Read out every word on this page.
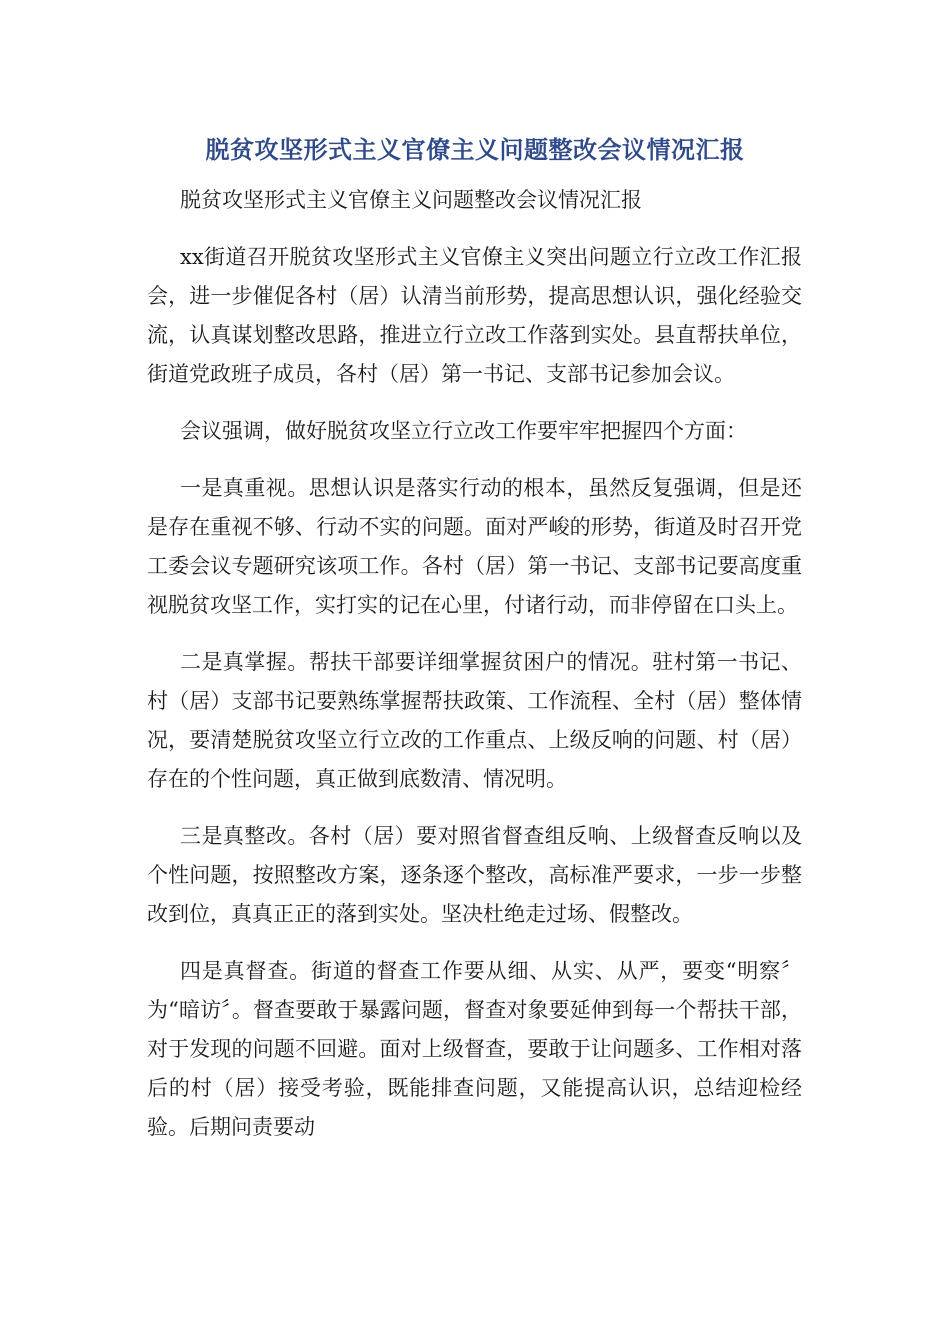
脱贫攻坚形式主义官僚主义问题整改会议情况汇报

脱贫攻坚形式主义官僚主义问题整改会议情况汇报

xx街道召开脱贫攻坚形式主义官僚主义突出问题立行立改工作汇报会，进一步催促各村（居）认清当前形势，提高思想认识，强化经验交流，认真谋划整改思路，推进立行立改工作落到实处。县直帮扶单位，街道党政班子成员，各村（居）第一书记、支部书记参加会议。

会议强调，做好脱贫攻坚立行立改工作要牢牢把握四个方面：

一是真重视。思想认识是落实行动的根本，虽然反复强调，但是还是存在重视不够、行动不实的问题。面对严峻的形势，街道及时召开党工委会议专题研究该项工作。各村（居）第一书记、支部书记要高度重视脱贫攻坚工作，实打实的记在心里，付诸行动，而非停留在口头上。

二是真掌握。帮扶干部要详细掌握贫困户的情况。驻村第一书记、村（居）支部书记要熟练掌握帮扶政策、工作流程、全村（居）整体情况，要清楚脱贫攻坚立行立改的工作重点、上级反响的问题、村（居）存在的个性问题，真正做到底数清、情况明。

三是真整改。各村（居）要对照省督查组反响、上级督查反响以及个性问题，按照整改方案，逐条逐个整改，高标准严要求，一步一步整改到位，真真正正的落到实处。坚决杜绝走过场、假整改。

四是真督查。街道的督查工作要从细、从实、从严，要变“明察〞为“暗访〞。督查要敢于暴露问题，督查对象要延伸到每一个帮扶干部，对于发现的问题不回避。面对上级督查，要敢于让问题多、工作相对落后的村（居）接受考验，既能排查问题，又能提高认识，总结迎检经验。后期问责要动
